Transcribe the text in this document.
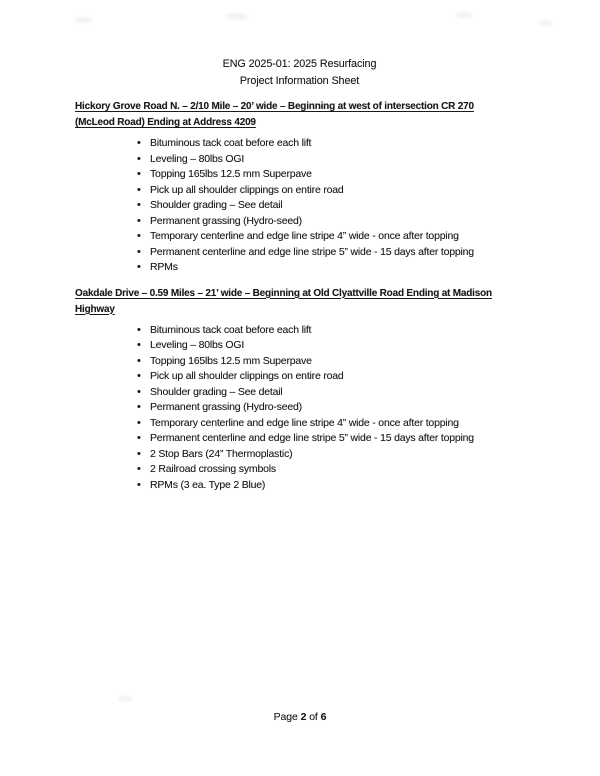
ENG 2025-01: 2025 Resurfacing
Project Information Sheet
Hickory Grove Road N. – 2/10 Mile – 20’ wide – Beginning at west of intersection CR 270
(McLeod Road) Ending at Address 4209
• Bituminous tack coat before each lift
• Leveling – 80lbs OGI
• Topping 165lbs 12.5 mm Superpave
• Pick up all shoulder clippings on entire road
• Shoulder grading – See detail
• Permanent grassing (Hydro-seed)
• Temporary centerline and edge line stripe 4” wide - once after topping
• Permanent centerline and edge line stripe 5” wide - 15 days after topping
• RPMs
Oakdale Drive – 0.59 Miles – 21’ wide – Beginning at Old Clyattville Road Ending at Madison
Highway
• Bituminous tack coat before each lift
• Leveling – 80lbs OGI
• Topping 165lbs 12.5 mm Superpave
• Pick up all shoulder clippings on entire road
• Shoulder grading – See detail
• Permanent grassing (Hydro-seed)
• Temporary centerline and edge line stripe 4” wide - once after topping
• Permanent centerline and edge line stripe 5” wide - 15 days after topping
• 2 Stop Bars (24” Thermoplastic)
• 2 Railroad crossing symbols
• RPMs (3 ea. Type 2 Blue)
Page 2 of 6
